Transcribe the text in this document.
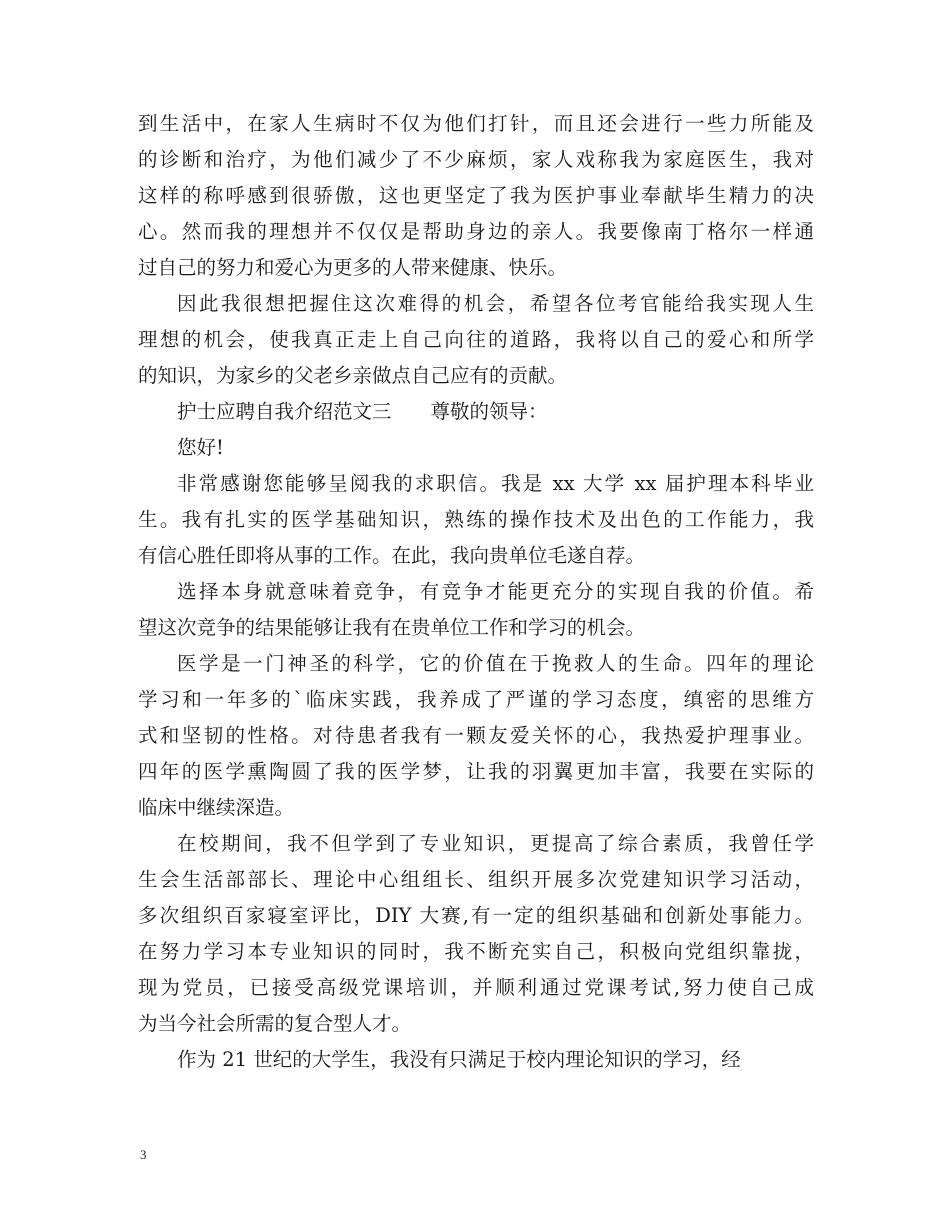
到生活中，在家人生病时不仅为他们打针，而且还会进行一些力所能及
的诊断和治疗，为他们减少了不少麻烦，家人戏称我为家庭医生，我对
这样的称呼感到很骄傲，这也更坚定了我为医护事业奉献毕生精力的决
心。然而我的理想并不仅仅是帮助身边的亲人。我要像南丁格尔一样通
过自己的努力和爱心为更多的人带来健康、快乐。
因此我很想把握住这次难得的机会，希望各位考官能给我实现人生
理想的机会，使我真正走上自己向往的道路，我将以自己的爱心和所学
的知识，为家乡的父老乡亲做点自己应有的贡献。
护士应聘自我介绍范文三　　尊敬的领导：
您好!
非常感谢您能够呈阅我的求职信。我是 xx 大学 xx 届护理本科毕业
生。我有扎实的医学基础知识，熟练的操作技术及出色的工作能力，我
有信心胜任即将从事的工作。在此，我向贵单位毛遂自荐。
选择本身就意味着竞争，有竞争才能更充分的实现自我的价值。希
望这次竞争的结果能够让我有在贵单位工作和学习的机会。
医学是一门神圣的科学，它的价值在于挽救人的生命。四年的理论
学习和一年多的`临床实践，我养成了严谨的学习态度，缜密的思维方
式和坚韧的性格。对待患者我有一颗友爱关怀的心，我热爱护理事业。
四年的医学熏陶圆了我的医学梦，让我的羽翼更加丰富，我要在实际的
临床中继续深造。
在校期间，我不但学到了专业知识，更提高了综合素质，我曾任学
生会生活部部长、理论中心组组长、组织开展多次党建知识学习活动，
多次组织百家寝室评比，DIY 大赛,有一定的组织基础和创新处事能力。
在努力学习本专业知识的同时，我不断充实自己，积极向党组织靠拢，
现为党员，已接受高级党课培训，并顺利通过党课考试,努力使自己成
为当今社会所需的复合型人才。
作为 21 世纪的大学生，我没有只满足于校内理论知识的学习，经
3
